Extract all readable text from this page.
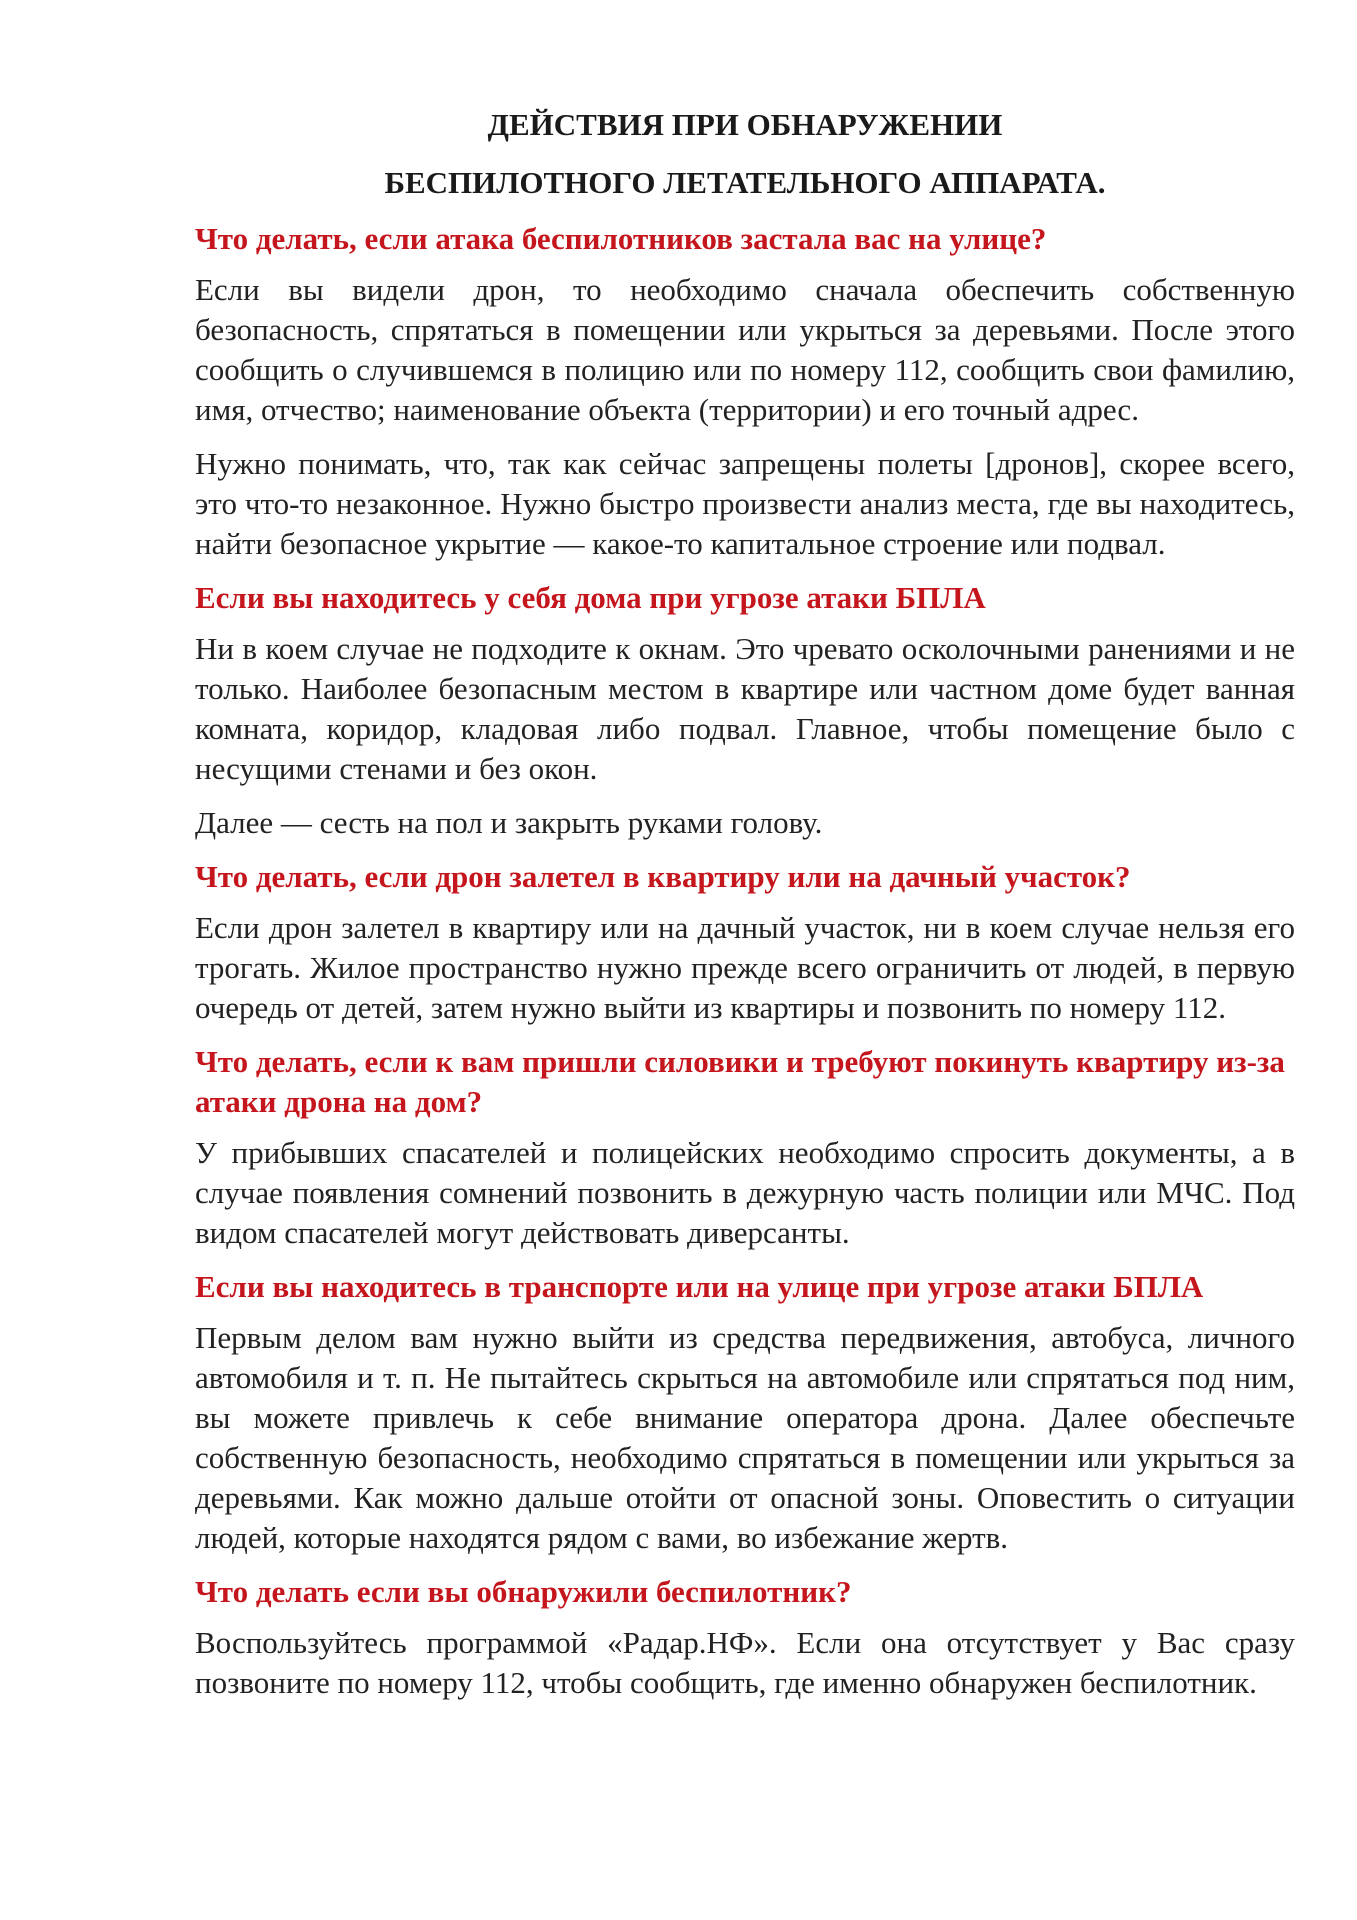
ДЕЙСТВИЯ ПРИ ОБНАРУЖЕНИИ
БЕСПИЛОТНОГО ЛЕТАТЕЛЬНОГО АППАРАТА.
Что делать, если атака беспилотников застала вас на улице?

Если вы видели дрон, то необходимо сначала обеспечить собственную безопасность, спрятаться в помещении или укрыться за деревьями. После этого сообщить о случившемся в полицию или по номеру 112, сообщить свои фамилию, имя, отчество; наименование объекта (территории) и его точный адрес.

Нужно понимать, что, так как сейчас запрещены полеты [дронов], скорее всего, это что-то незаконное. Нужно быстро произвести анализ места, где вы находитесь, найти безопасное укрытие — какое-то капитальное строение или подвал.

Если вы находитесь у себя дома при угрозе атаки БПЛА

Ни в коем случае не подходите к окнам. Это чревато осколочными ранениями и не только. Наиболее безопасным местом в квартире или частном доме будет ванная комната, коридор, кладовая либо подвал. Главное, чтобы помещение было с несущими стенами и без окон.

Далее — сесть на пол и закрыть руками голову.

Что делать, если дрон залетел в квартиру или на дачный участок?

Если дрон залетел в квартиру или на дачный участок, ни в коем случае нельзя его трогать. Жилое пространство нужно прежде всего ограничить от людей, в первую очередь от детей, затем нужно выйти из квартиры и позвонить по номеру 112.

Что делать, если к вам пришли силовики и требуют покинуть квартиру из-за атаки дрона на дом?

У прибывших спасателей и полицейских необходимо спросить документы, а в случае появления сомнений позвонить в дежурную часть полиции или МЧС. Под видом спасателей могут действовать диверсанты.

Если вы находитесь в транспорте или на улице при угрозе атаки БПЛА

Первым делом вам нужно выйти из средства передвижения, автобуса, личного автомобиля и т. п. Не пытайтесь скрыться на автомобиле или спрятаться под ним, вы можете привлечь к себе внимание оператора дрона. Далее обеспечьте собственную безопасность, необходимо спрятаться в помещении или укрыться за деревьями. Как можно дальше отойти от опасной зоны. Оповестить о ситуации людей, которые находятся рядом с вами, во избежание жертв.

Что делать если вы обнаружили беспилотник?

Воспользуйтесь программой «Радар.НФ». Если она отсутствует у Вас сразу позвоните по номеру 112, чтобы сообщить, где именно обнаружен беспилотник.
